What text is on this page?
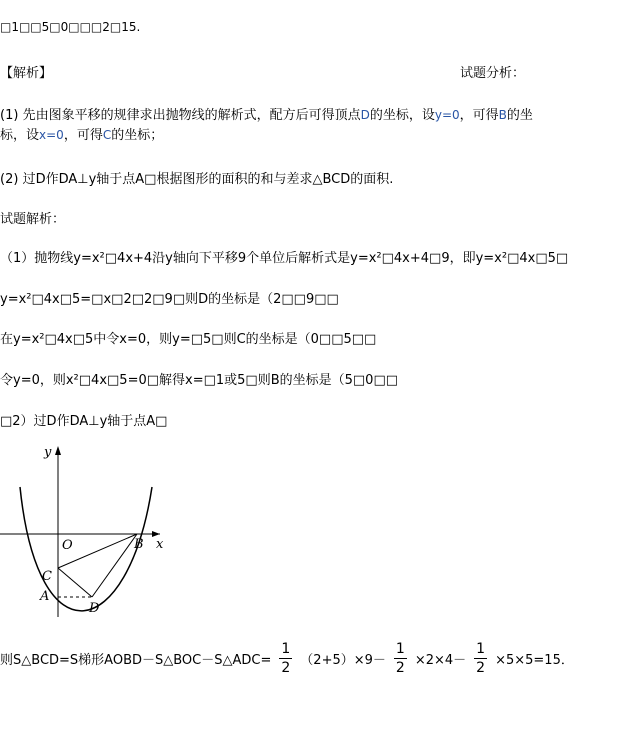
□1□□5□0□□□2□15.
【解析】	试题分析：
(1) 先由图象平移的规律求出抛物线的解析式，配方后可得顶点D的坐标，设y=0，可得B的坐
标，设x=0，可得C的坐标；
(2) 过D作DA⊥y轴于点A□根据图形的面积的和与差求△BCD的面积.
试题解析：
（1）抛物线y=x²□4x+4沿y轴向下平移9个单位后解析式是y=x²□4x+4□9，即y=x²□4x□5□
y=x²□4x□5=□x□2□2□9□则D的坐标是（2□□9□□
在y=x²□4x□5中令x=0，则y=□5□则C的坐标是（0□□5□□
令y=0，则x²□4x□5=0□解得x=□1或5□则B的坐标是（5□0□□
□2）过D作DA⊥y轴于点A□
y
x
O	B
C
A
D
则S△BCD=S梯形AOBD－S△BOC－S△ADC= $\frac{1}{2} (2+5)\times 9- \frac{1}{2} \times 2\times 4- \frac{1}{2} \times 5\times 5=15$．
